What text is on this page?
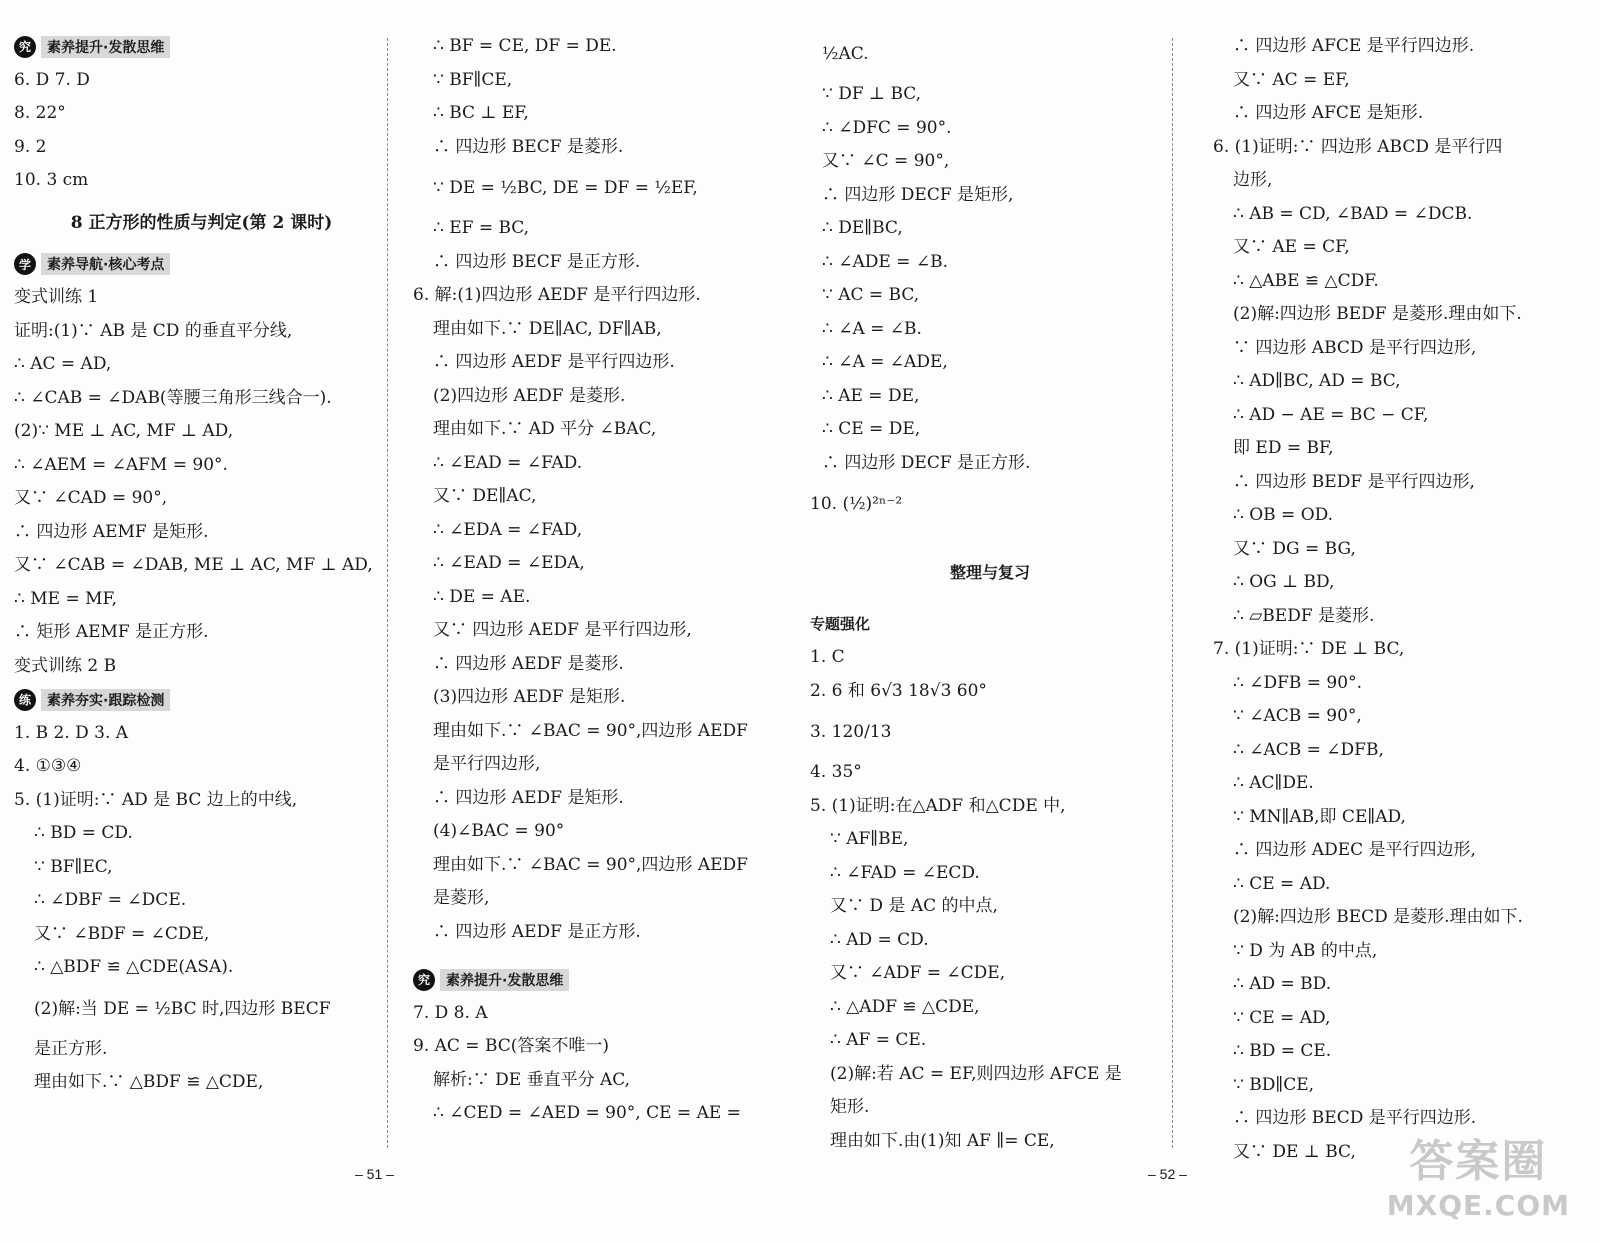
究	素养提升·发散思维
6. D 7. D
8. 22°
9. 2
10. 3 cm
8 正方形的性质与判定(第 2 课时)
学	素养导航·核心考点
变式训练 1
证明:(1)∵ AB 是 CD 的垂直平分线,
∴ AC = AD,
∴ ∠CAB = ∠DAB(等腰三角形三线合一).
(2)∵ ME ⊥ AC, MF ⊥ AD,
∴ ∠AEM = ∠AFM = 90°.
又∵ ∠CAD = 90°,
∴ 四边形 AEMF 是矩形.
又∵ ∠CAB = ∠DAB, ME ⊥ AC, MF ⊥ AD,
∴ ME = MF,
∴ 矩形 AEMF 是正方形.
变式训练 2 B
练	素养夯实·跟踪检测
1. B 2. D 3. A
4. ①③④
5. (1)证明:∵ AD 是 BC 边上的中线,
∴ BD = CD.
∵ BF∥EC,
∴ ∠DBF = ∠DCE.
又∵ ∠BDF = ∠CDE,
∴ △BDF ≌ △CDE(ASA).
(2)解:当 DE = ½BC 时,四边形 BECF
是正方形.
理由如下.∵ △BDF ≌ △CDE,
∴ BF = CE, DF = DE.
∵ BF∥CE,
∴ BC ⊥ EF,
∴ 四边形 BECF 是菱形.
∵ DE = ½BC, DE = DF = ½EF,
∴ EF = BC,
∴ 四边形 BECF 是正方形.
6. 解:(1)四边形 AEDF 是平行四边形.
理由如下.∵ DE∥AC, DF∥AB,
∴ 四边形 AEDF 是平行四边形.
(2)四边形 AEDF 是菱形.
理由如下.∵ AD 平分 ∠BAC,
∴ ∠EAD = ∠FAD.
又∵ DE∥AC,
∴ ∠EDA = ∠FAD,
∴ ∠EAD = ∠EDA,
∴ DE = AE.
又∵ 四边形 AEDF 是平行四边形,
∴ 四边形 AEDF 是菱形.
(3)四边形 AEDF 是矩形.
理由如下.∵ ∠BAC = 90°,四边形 AEDF
是平行四边形,
∴ 四边形 AEDF 是矩形.
(4)∠BAC = 90°
理由如下.∵ ∠BAC = 90°,四边形 AEDF
是菱形,
∴ 四边形 AEDF 是正方形.
究	素养提升·发散思维
7. D 8. A
9. AC = BC(答案不唯一)
解析:∵ DE 垂直平分 AC,
∴ ∠CED = ∠AED = 90°, CE = AE =
½AC.
∵ DF ⊥ BC,
∴ ∠DFC = 90°.
又∵ ∠C = 90°,
∴ 四边形 DECF 是矩形,
∴ DE∥BC,
∴ ∠ADE = ∠B.
∵ AC = BC,
∴ ∠A = ∠B.
∴ ∠A = ∠ADE,
∴ AE = DE,
∴ CE = DE,
∴ 四边形 DECF 是正方形.
10. (½)²ⁿ⁻²
整理与复习
专题强化
1. C
2. 6 和 6√3 18√3 60°
3. 120/13
4. 35°
5. (1)证明:在△ADF 和△CDE 中,
∵ AF∥BE,
∴ ∠FAD = ∠ECD.
又∵ D 是 AC 的中点,
∴ AD = CD.
又∵ ∠ADF = ∠CDE,
∴ △ADF ≌ △CDE,
∴ AF = CE.
(2)解:若 AC = EF,则四边形 AFCE 是
矩形.
理由如下.由(1)知 AF ∥= CE,
∴ 四边形 AFCE 是平行四边形.
又∵ AC = EF,
∴ 四边形 AFCE 是矩形.
6. (1)证明:∵ 四边形 ABCD 是平行四
边形,
∴ AB = CD, ∠BAD = ∠DCB.
又∵ AE = CF,
∴ △ABE ≌ △CDF.
(2)解:四边形 BEDF 是菱形.理由如下.
∵ 四边形 ABCD 是平行四边形,
∴ AD∥BC, AD = BC,
∴ AD − AE = BC − CF,
即 ED = BF,
∴ 四边形 BEDF 是平行四边形,
∴ OB = OD.
又∵ DG = BG,
∴ OG ⊥ BD,
∴ ▱BEDF 是菱形.
7. (1)证明:∵ DE ⊥ BC,
∴ ∠DFB = 90°.
∵ ∠ACB = 90°,
∴ ∠ACB = ∠DFB,
∴ AC∥DE.
∵ MN∥AB,即 CE∥AD,
∴ 四边形 ADEC 是平行四边形,
∴ CE = AD.
(2)解:四边形 BECD 是菱形.理由如下.
∵ D 为 AB 的中点,
∴ AD = BD.
∵ CE = AD,
∴ BD = CE.
∵ BD∥CE,
∴ 四边形 BECD 是平行四边形.
又∵ DE ⊥ BC,
– 51 –	– 52 –	答案圈
MXQE.COM
